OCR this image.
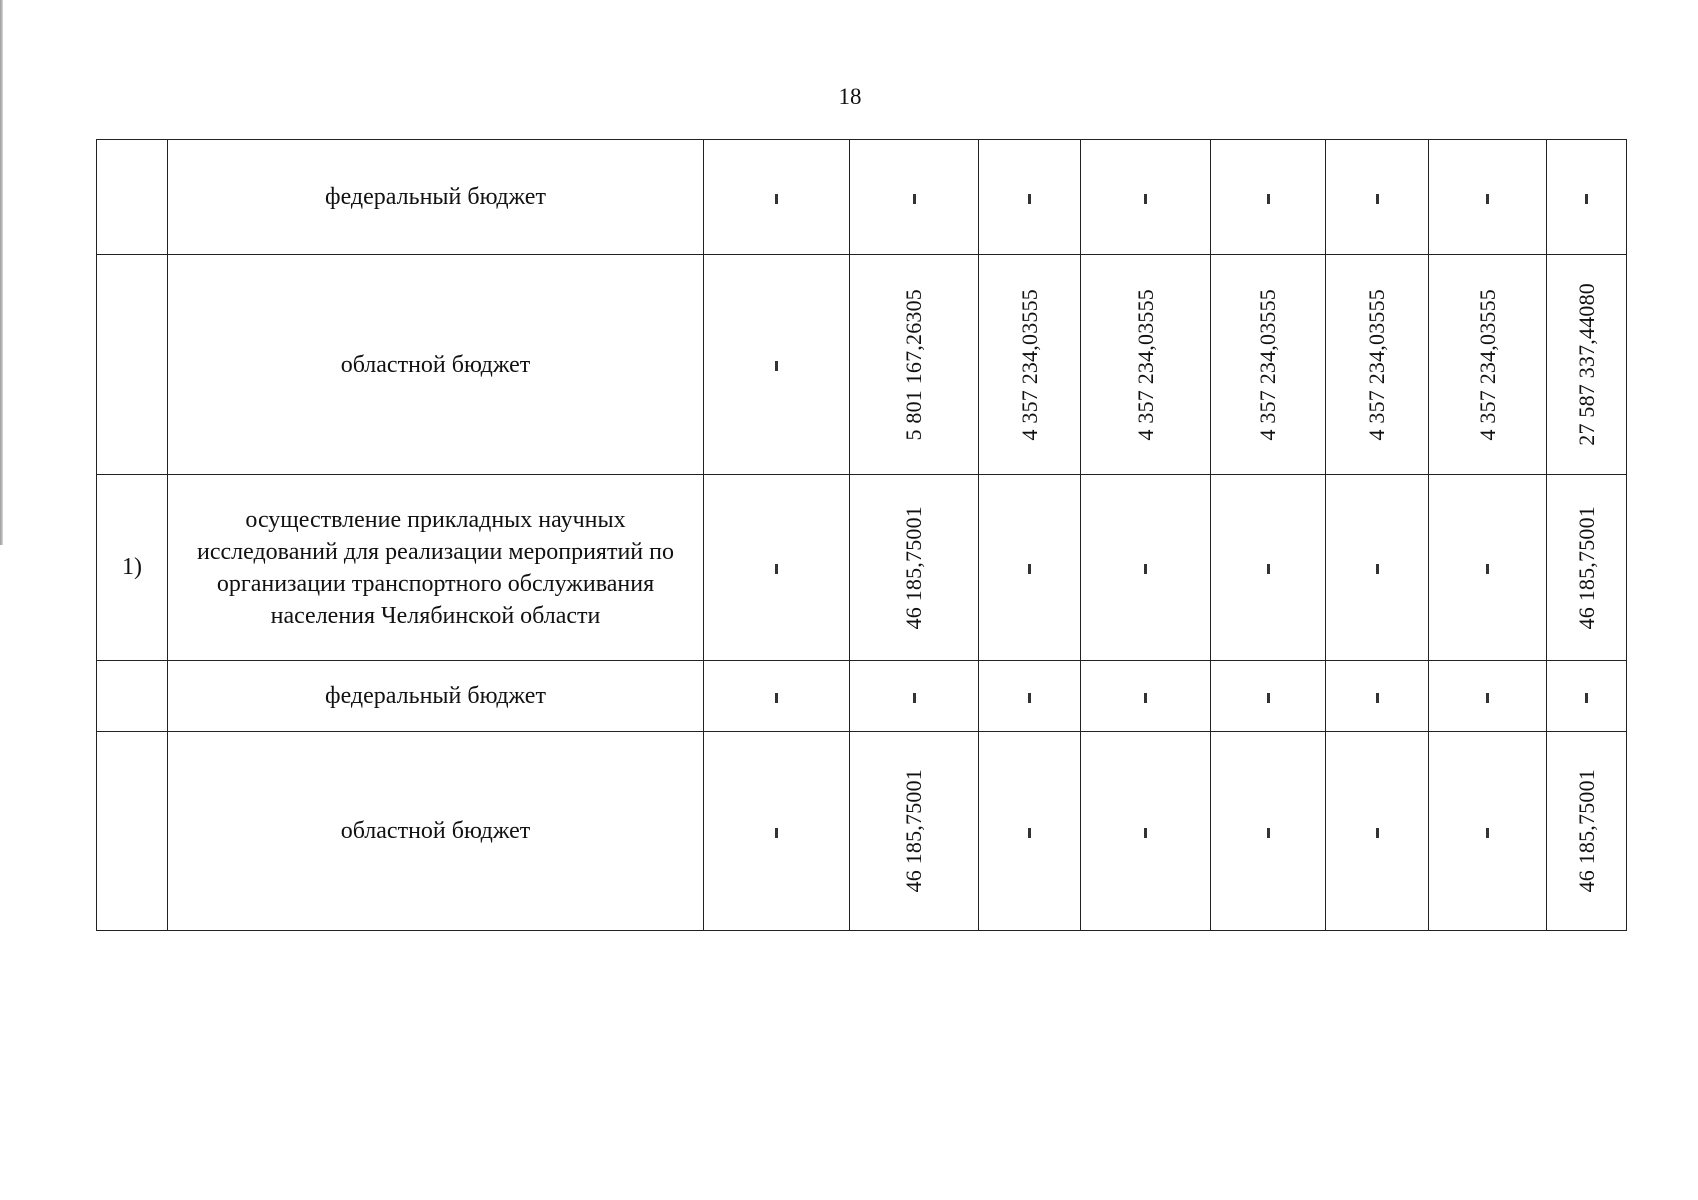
18
	федеральный бюджет								
	областной бюджет		5 801 167,26305	4 357 234,03555	4 357 234,03555	4 357 234,03555	4 357 234,03555	4 357 234,03555	27 587 337,44080

1)	осуществление прикладных научных исследований для реализации мероприятий по организации транспортного обслуживания населения Челябинской области		46 185,75001						46 185,75001

	федеральный бюджет								
	областной бюджет		46 185,75001						46 185,75001
